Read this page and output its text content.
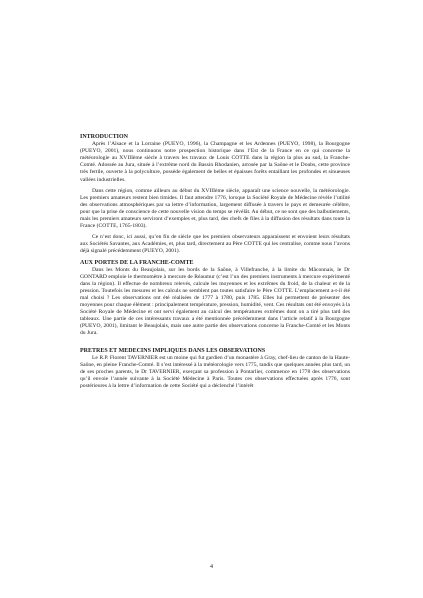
INTRODUCTION

Après l’Alsace et la Lorraine (PUEYO, 1996), la Champagne et les Ardennes (PUEYO, 1998), la Bourgogne (PUEYO, 2001), nous continuons notre prospection historique dans l’Est de la France en ce qui concerne la météorologie au XVIIIème siècle à travers les travaux de Louis COTTE dans la région la plus au sud, la Franche-Comté. Adossée au Jura, située à l’extrême nord du Bassin Rhodanien, arrosée par la Saône et le Doubs, cette province très fertile, ouverte à la polyculture, possède également de belles et épaisses forêts entaillant les profondes et sinueuses vallées industrielles.

Dans cette région, comme ailleurs au début du XVIIIème siècle, apparaît une science nouvelle, la météorologie. Les premiers amateurs restent bien timides. Il faut attendre 1776, lorsque la Société Royale de Médecine révèle l’utilité des observations atmosphériques par sa lettre d’information, largement diffusée à travers le pays et demeurée célèbre, pour que la prise de conscience de cette nouvelle vision du temps se révélât. Au début, ce ne sont que des balbutiements, mais les premiers amateurs serviront d’exemples et, plus tard, des chefs de files à la diffusion des résultats dans toute la France (COTTE, 1765-1803).

Ce n’est donc, ici aussi, qu’en fin de siècle que les premiers observateurs apparaissent et envoient leurs résultats aux Sociétés Savantes, aux Académies, et, plus tard, directement au Père COTTE qui les centralise, comme nous l’avons déjà signalé précédemment (PUEYO, 2001).

AUX PORTES DE LA FRANCHE-COMTE

Dans les Monts du Beaujolais, sur les bords de la Saône, à Villefranche, à la limite du Mâconnais, le Dr GONTARD emploie le thermomètre à mercure de Réaumur (c’est l’un des premiers instruments à mercure expérimenté dans la région). Il effectue de nombreux relevés, calcule les moyennes et les extrêmes du froid, de la chaleur et de la pression. Toutefois les mesures et les calculs ne semblent pas toutes satisfaire le Père COTTE. L’emplacement a-t-il été mal choisi ? Les observations ont été réalisées de 1777 à 1780, puis 1785. Elles lui permettent de présenter des moyennes pour chaque élément : principalement température, pression, humidité, vent. Ces résultats ont été envoyés à la Société Royale de Médecine et ont servi également au calcul des températures extrêmes dont on a tiré plus tard des tableaux. Une partie de ces intéressants travaux a été mentionnée précédemment dans l’article relatif à la Bourgogne (PUEYO, 2001), limitant le Beaujolais, mais une autre partie des observations concerne la Franche-Comté et les Monts du Jura.

PRETRES ET MEDECINS IMPLIQUES DANS LES OBSERVATIONS

Le R.P. Florent TAVERNIER est un moine qui fut gardien d’un monastère à Gray, chef-lieu de canton de la Haute-Saône, en pleine Franche-Comté. Il s’est intéressé à la météorologie vers 1775, tandis que quelques années plus tard, un de ses proches parents, le Dr TAVERNIER, exerçant sa profession à Pontarlier, commence en 1778 des observations qu’il envoie l’année suivante à la Société Médecine à Paris. Toutes ces observations effectuées après 1776, sont postérieures à la lettre d’information de cette Société qui a déclenché l’intérêt

4
